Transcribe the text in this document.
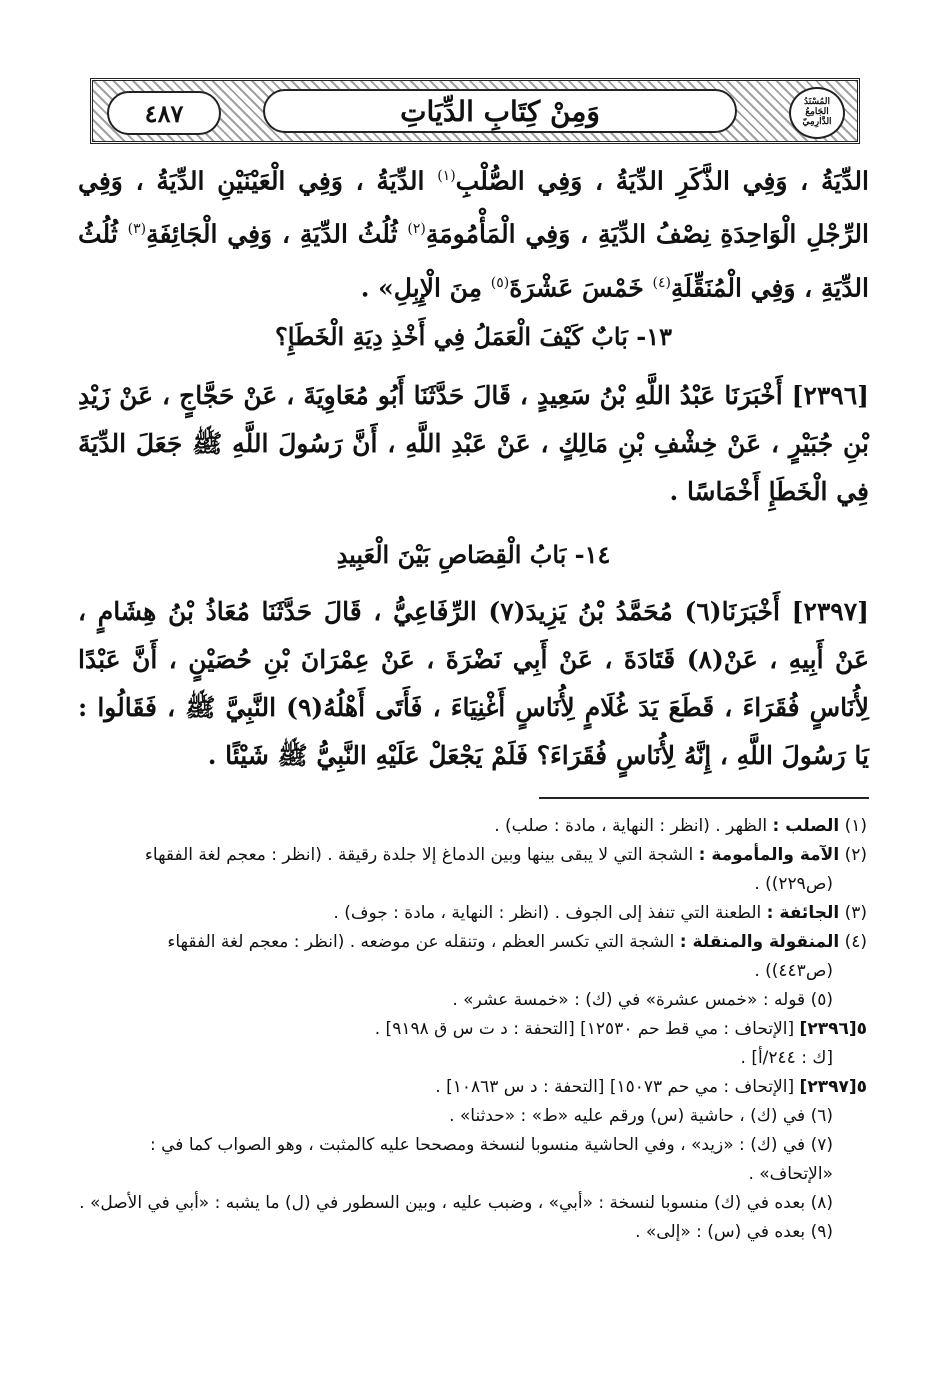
المُسْنَدُ الجَامِعُ الدَّارِمِيّ
وَمِنْ كِتَابِ الدِّيَاتِ
٤٨٧

الدِّيَةُ ، وَفِي الذَّكَرِ الدِّيَةُ ، وَفِي الصُّلْبِ$^{(١)}$ الدِّيَةُ ، وَفِي الْعَيْنَيْنِ الدِّيَةُ ، وَفِي الرِّجْلِ الْوَاحِدَةِ نِصْفُ الدِّيَةِ ، وَفِي الْمَأْمُومَةِ$^{(٢)}$ ثُلُثُ الدِّيَةِ ، وَفِي الْجَائِفَةِ$^{(٣)}$ ثُلُثُ الدِّيَةِ ، وَفِي الْمُنَقِّلَةِ$^{(٤)}$ خَمْسَ عَشْرَةَ$^{(٥)}$ مِنَ الْإِبِلِ» .

١٣- بَابٌ كَيْفَ الْعَمَلُ فِي أَخْذِ دِيَةِ الْخَطَإِ؟

[٢٣٩٦] أَخْبَرَنَا عَبْدُ اللَّهِ بْنُ سَعِيدٍ ، قَالَ حَدَّثَنَا أَبُو مُعَاوِيَةَ ، عَنْ حَجَّاجٍ ، عَنْ زَيْدِ بْنِ جُبَيْرٍ ، عَنْ خِشْفِ بْنِ مَالِكٍ ، عَنْ عَبْدِ اللَّهِ ، أَنَّ رَسُولَ اللَّهِ ﷺ جَعَلَ الدِّيَةَ فِي الْخَطَإِ أَخْمَاسًا .

١٤- بَابُ الْقِصَاصِ بَيْنَ الْعَبِيدِ

[٢٣٩٧] أَخْبَرَنَا(٦) مُحَمَّدُ بْنُ يَزِيدَ(٧) الرِّفَاعِيُّ ، قَالَ حَدَّثَنَا مُعَاذُ بْنُ هِشَامٍ ، عَنْ أَبِيهِ ، عَنْ(٨) قَتَادَةَ ، عَنْ أَبِي نَضْرَةَ ، عَنْ عِمْرَانَ بْنِ حُصَيْنٍ ، أَنَّ عَبْدًا لِأُنَاسٍ فُقَرَاءَ ، قَطَعَ يَدَ غُلَامٍ لِأُنَاسٍ أَغْنِيَاءَ ، فَأَتَى أَهْلُهُ(٩) النَّبِيَّ ﷺ ، فَقَالُوا : يَا رَسُولَ اللَّهِ ، إِنَّهُ لِأُنَاسٍ فُقَرَاءَ؟ فَلَمْ يَجْعَلْ عَلَيْهِ النَّبِيُّ ﷺ شَيْئًا .

(١) الصلب : الظهر . (انظر : النهاية ، مادة : صلب) .

(٢) الآمة والمأمومة : الشجة التي لا يبقى بينها وبين الدماغ إلا جلدة رقيقة . (انظر : معجم لغة الفقهاء

(ص٢٢٩)) .

(٣) الجائفة : الطعنة التي تنفذ إلى الجوف . (انظر : النهاية ، مادة : جوف) .

(٤) المنقولة والمنقلة : الشجة التي تكسر العظم ، وتنقله عن موضعه . (انظر : معجم لغة الفقهاء

(ص٤٤٣)) .

(٥) قوله : «خمس عشرة» في (ك) : «خمسة عشر» .

٥[٢٣٩٦] [الإتحاف : مي قط حم ١٢٥٣٠] [التحفة : د ت س ق ٩١٩٨] .

[ك : ٢٤٤/أ] .

٥[٢٣٩٧] [الإتحاف : مي حم ١٥٠٧٣] [التحفة : د س ١٠٨٦٣] .

(٦) في (ك) ، حاشية (س) ورقم عليه «ط» : «حدثنا» .

(٧) في (ك) : «زيد» ، وفي الحاشية منسوبا لنسخة ومصححا عليه كالمثبت ، وهو الصواب كما في : «الإتحاف» .

(٨) بعده في (ك) منسوبا لنسخة : «أبي» ، وضبب عليه ، وبين السطور في (ل) ما يشبه : «أبي في الأصل» .

(٩) بعده في (س) : «إلى» .
